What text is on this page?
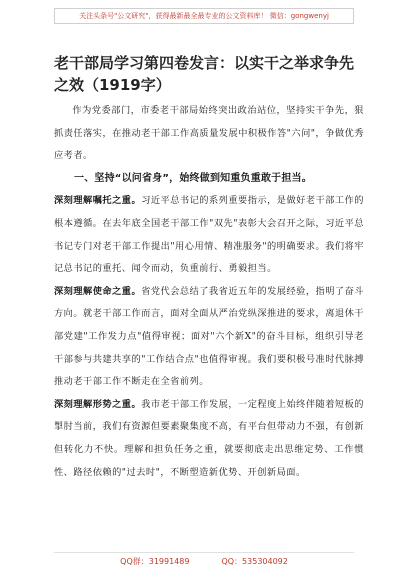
关注头条号"公文研究"，获得最新最全最专业的公文资料库！ 微信：gongwenyj
老干部局学习第四卷发言：以实干之举求争先之效（1919字）

作为党委部门，市委老干部局始终突出政治站位，坚持实干争先，狠抓责任落实，在推动老干部工作高质量发展中积极作答"六问"，争做优秀应考者。

一、坚持“以问省身”，始终做到知重负重敢于担当。

深刻理解嘱托之重。习近平总书记的系列重要指示，是做好老干部工作的根本遵循。在去年底全国老干部工作"双先"表彰大会召开之际，习近平总书记专门对老干部工作提出"用心用情、精准服务"的明确要求。我们将牢记总书记的重托、闻令而动，负重前行、勇毅担当。

深刻理解使命之重。省党代会总结了我省近五年的发展经验，指明了奋斗方向。就老干部工作而言，面对全面从严治党纵深推进的要求，离退休干部党建"工作发力点"值得审视；面对"六个新X"的奋斗目标，组织引导老干部参与共建共享的"工作结合点"也值得审视。我们要积极号准时代脉搏推动老干部工作不断走在全省前列。

深刻理解形势之重。我市老干部工作发展，一定程度上始终伴随着短板的掣肘当前，我们有资源但要素聚集度不高，有平台但带动力不强，有创新但转化力不快。理解和担负任务之重，就要彻底走出思维定势、工作惯性、路径依赖的"过去时"，不断塑造新优势、开创新局面。

QQ群：31991489	QQ：535304092
